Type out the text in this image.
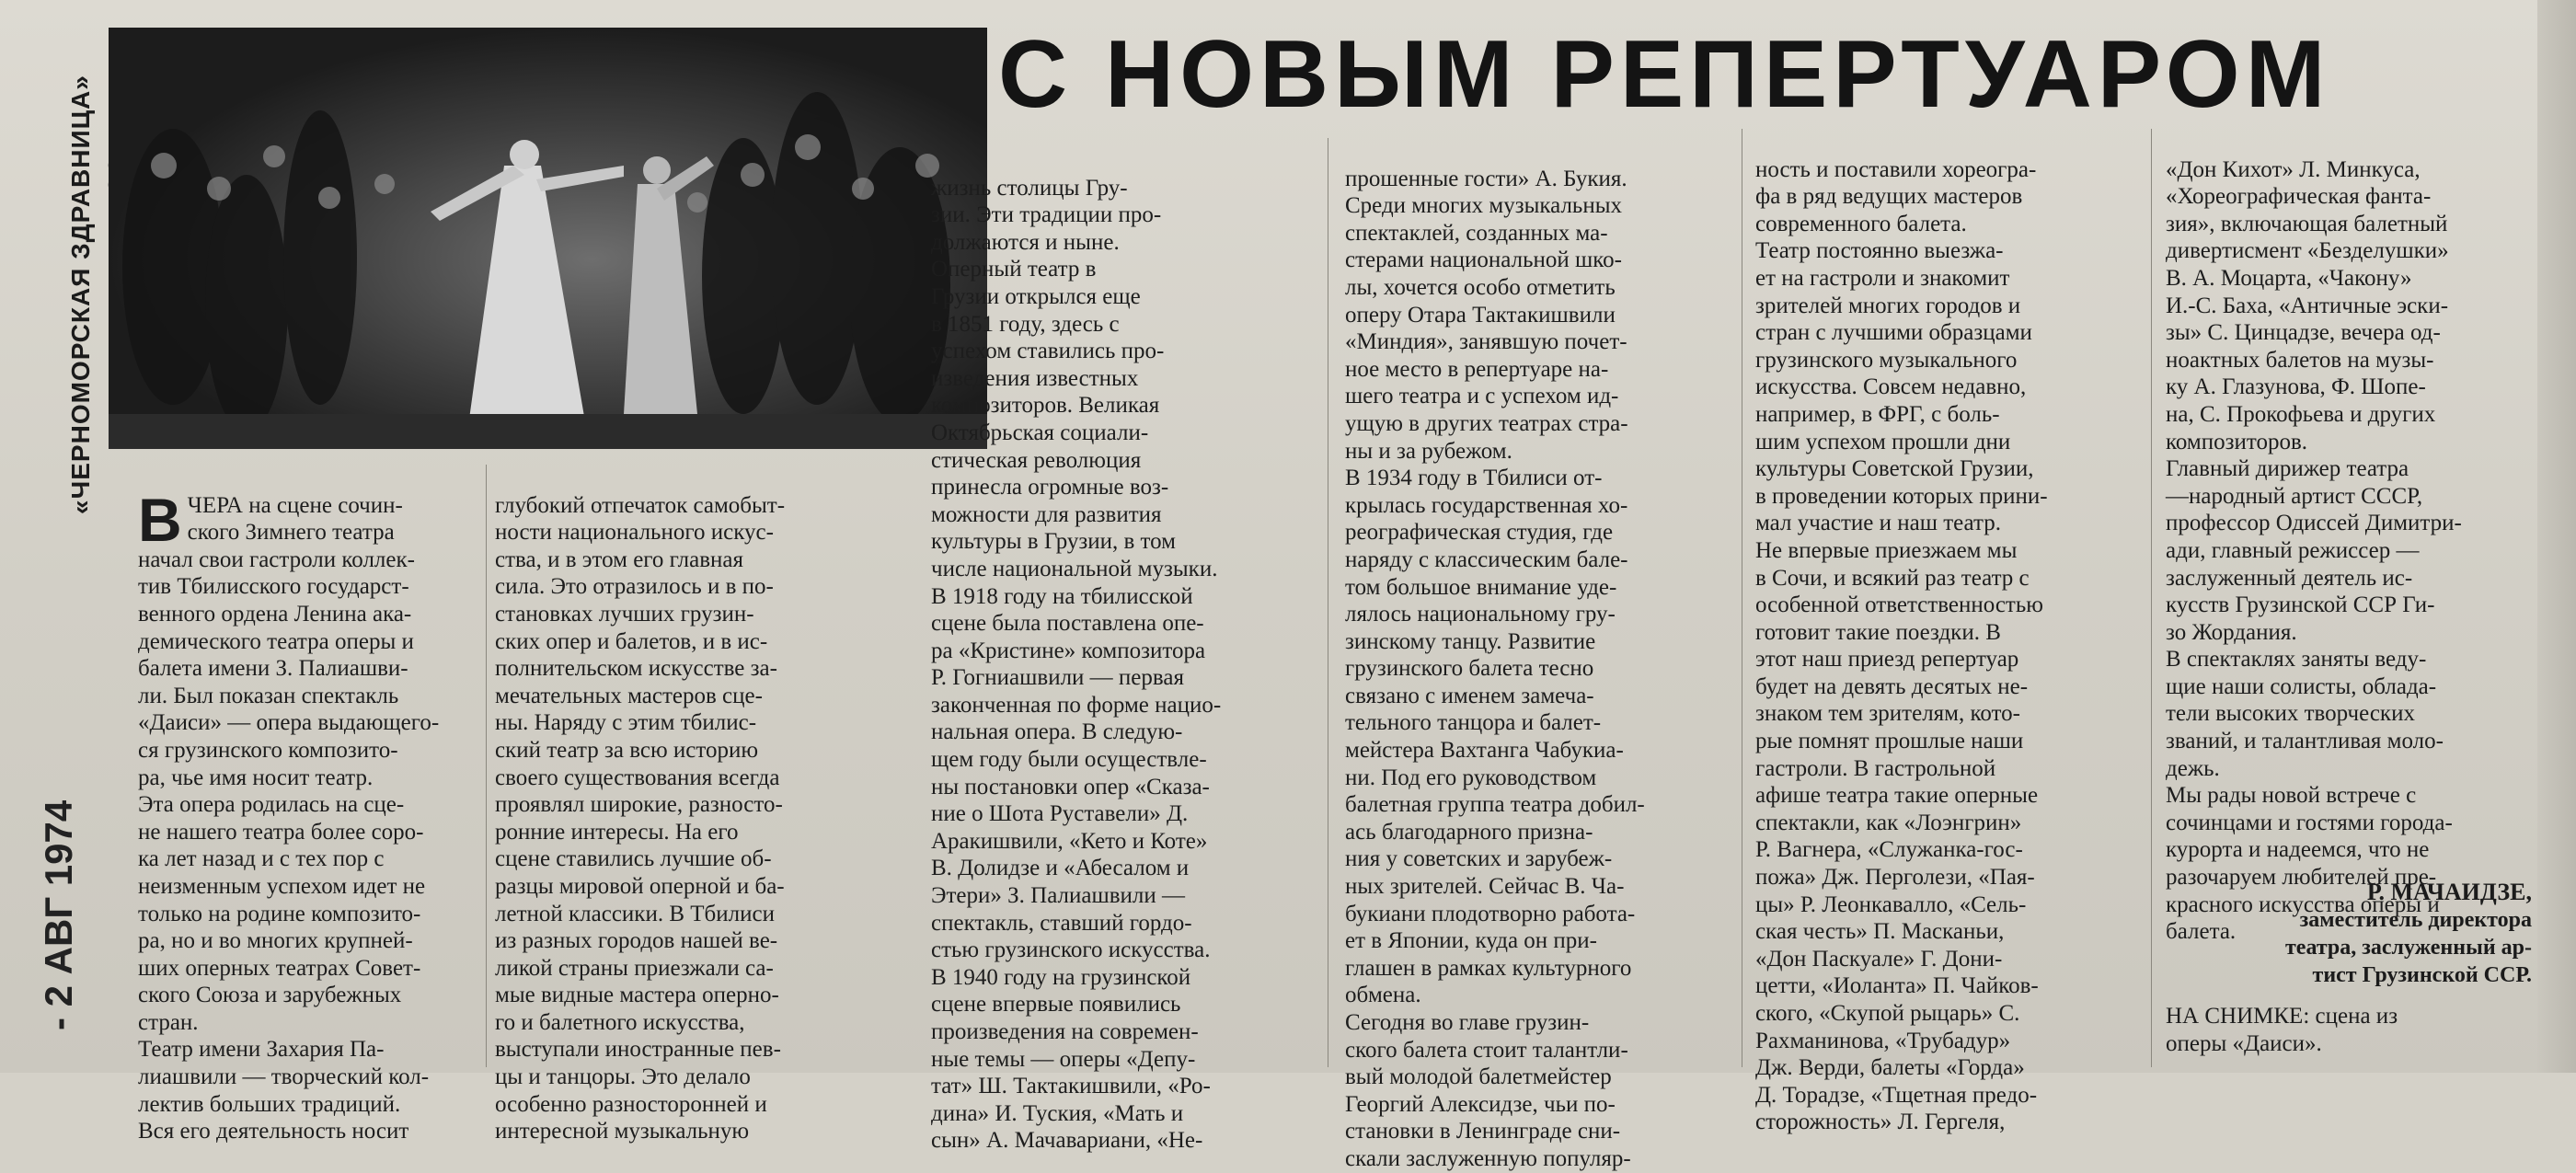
«ЧЕРНОМОРСКАЯ ЗДРАВНИЦА»
- 2 АВГ 1974
С НОВЫМ РЕПЕРТУАРОМ

ВЧЕРА на сцене сочин-
ского Зимнего театра
начал свои гастроли коллек-
тив Тбилисского государст-
венного ордена Ленина ака-
демического театра оперы и
балета имени З. Палиашви-
ли. Был показан спектакль
«Даиси» — опера выдающего-
ся грузинского композито-
ра, чье имя носит театр.
Эта опера родилась на сце-
не нашего театра более соро-
ка лет назад и с тех пор с
неизменным успехом идет не
только на родине композито-
ра, но и во многих крупней-
ших оперных театрах Совет-
ского Союза и зарубежных
стран.
Театр имени Захария Па-
лиашвили — творческий кол-
лектив больших традиций.
Вся его деятельность носит

глубокий отпечаток самобыт-
ности национального искус-
ства, и в этом его главная
сила. Это отразилось и в по-
становках лучших грузин-
ских опер и балетов, и в ис-
полнительском искусстве за-
мечательных мастеров сце-
ны. Наряду с этим тбилис-
ский театр за всю историю
своего существования всегда
проявлял широкие, разносто-
ронние интересы. На его
сцене ставились лучшие об-
разцы мировой оперной и ба-
летной классики. В Тбилиси
из разных городов нашей ве-
ликой страны приезжали са-
мые видные мастера оперно-
го и балетного искусства,
выступали иностранные пев-
цы и танцоры. Это делало
особенно разносторонней и
интересной музыкальную

жизнь столицы Гру-
зии. Эти традиции про-
должаются и ныне.
Оперный театр в
Грузии открылся еще
в 1851 году, здесь с
успехом ставились про-
изведения известных
композиторов. Великая
Октябрьская социали-
стическая революция
принесла огромные воз-
можности для развития
культуры в Грузии, в том
числе национальной музыки.
В 1918 году на тбилисской
сцене была поставлена опе-
ра «Кристине» композитора
Р. Гогниашвили — первая
законченная по форме нацио-
нальная опера. В следую-
щем году были осуществле-
ны постановки опер «Сказа-
ние о Шота Руставели» Д.
Аракишвили, «Кето и Коте»
В. Долидзе и «Абесалом и
Этери» З. Палиашвили —
спектакль, ставший гордо-
стью грузинского искусства.
В 1940 году на грузинской
сцене впервые появились
произведения на современ-
ные темы — оперы «Депу-
тат» Ш. Тактакишвили, «Ро-
дина» И. Туския, «Мать и
сын» А. Мачавариани, «Не-

прошенные гости» А. Букия.
Среди многих музыкальных
спектаклей, созданных ма-
стерами национальной шко-
лы, хочется особо отметить
оперу Отара Тактакишвили
«Миндия», занявшую почет-
ное место в репертуаре на-
шего театра и с успехом ид-
ущую в других театрах стра-
ны и за рубежом.
В 1934 году в Тбилиси от-
крылась государственная хо-
реографическая студия, где
наряду с классическим бале-
том большое внимание уде-
лялось национальному гру-
зинскому танцу. Развитие
грузинского балета тесно
связано с именем замеча-
тельного танцора и балет-
мейстера Вахтанга Чабукиа-
ни. Под его руководством
балетная группа театра добил-
ась благодарного призна-
ния у советских и зарубеж-
ных зрителей. Сейчас В. Ча-
букиани плодотворно работа-
ет в Японии, куда он при-
глашен в рамках культурного
обмена.
Сегодня во главе грузин-
ского балета стоит талантли-
вый молодой балетмейстер
Георгий Алексидзе, чьи по-
становки в Ленинграде сни-
скали заслуженную популяр-

ность и поставили хореогра-
фа в ряд ведущих мастеров
современного балета.
Театр постоянно выезжа-
ет на гастроли и знакомит
зрителей многих городов и
стран с лучшими образцами
грузинского музыкального
искусства. Совсем недавно,
например, в ФРГ, с боль-
шим успехом прошли дни
культуры Советской Грузии,
в проведении которых прини-
мал участие и наш театр.
Не впервые приезжаем мы
в Сочи, и всякий раз театр с
особенной ответственностью
готовит такие поездки. В
этот наш приезд репертуар
будет на девять десятых не-
знаком тем зрителям, кото-
рые помнят прошлые наши
гастроли. В гастрольной
афише театра такие оперные
спектакли, как «Лоэнгрин»
Р. Вагнера, «Служанка-гос-
пожа» Дж. Перголези, «Пая-
цы» Р. Леонкавалло, «Сель-
ская честь» П. Масканьи,
«Дон Паскуале» Г. Дони-
цетти, «Иоланта» П. Чайков-
ского, «Скупой рыцарь» С.
Рахманинова, «Трубадур»
Дж. Верди, балеты «Горда»
Д. Торадзе, «Тщетная предо-
сторожность» Л. Гергеля,

«Дон Кихот» Л. Минкуса,
«Хореографическая фанта-
зия», включающая балетный
дивертисмент «Безделушки»
В. А. Моцарта, «Чакону»
И.-С. Баха, «Античные эски-
зы» С. Цинцадзе, вечера од-
ноактных балетов на музы-
ку А. Глазунова, Ф. Шопе-
на, С. Прокофьева и других
композиторов.
Главный дирижер театра
—народный артист СССР,
профессор Одиссей Димитри-
ади, главный режиссер —
заслуженный деятель ис-
кусств Грузинской ССР Ги-
зо Жордания.
В спектаклях заняты веду-
щие наши солисты, облада-
тели высоких творческих
званий, и талантливая моло-
дежь.
Мы рады новой встрече с
сочинцами и гостями города-
курорта и надеемся, что не
разочаруем любителей пре-
красного искусства оперы и
балета.

Р. МАЧАИДЗЕ,
заместитель директора
театра, заслуженный ар-
тист Грузинской ССР.
НА СНИМКЕ: сцена из
оперы «Даиси».
